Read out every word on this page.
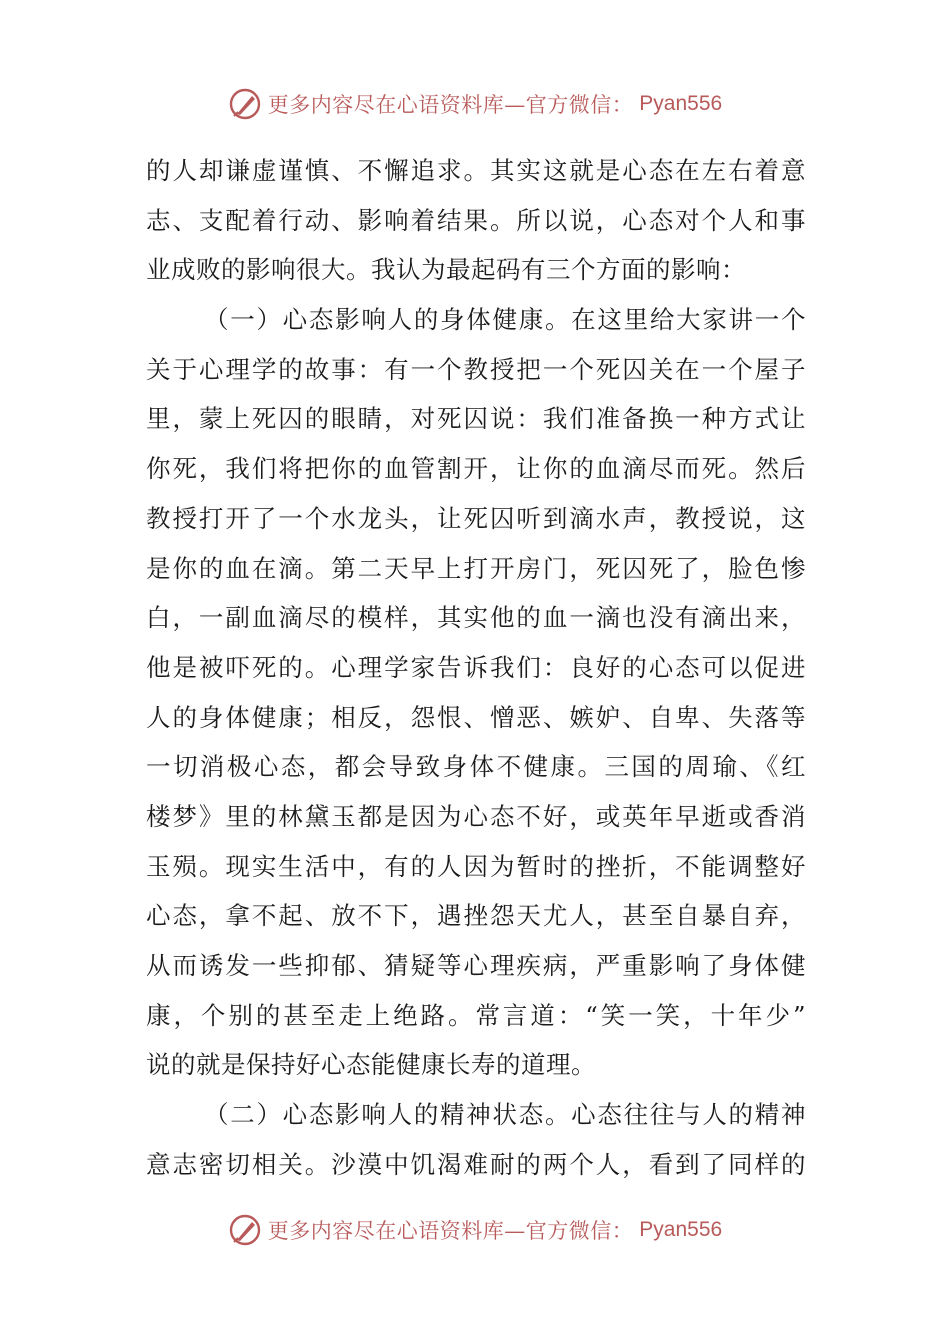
更多内容尽在心语资料库—官方微信： Pyan556
的人却谦虚谨慎、不懈追求。其实这就是心态在左右着意
志、支配着行动、影响着结果。所以说，心态对个人和事
业成败的影响很大。我认为最起码有三个方面的影响：
（一）心态影响人的身体健康。在这里给大家讲一个
关于心理学的故事：有一个教授把一个死囚关在一个屋子
里，蒙上死囚的眼睛，对死囚说：我们准备换一种方式让
你死，我们将把你的血管割开，让你的血滴尽而死。然后
教授打开了一个水龙头，让死囚听到滴水声，教授说，这
是你的血在滴。第二天早上打开房门，死囚死了，脸色惨
白，一副血滴尽的模样，其实他的血一滴也没有滴出来，
他是被吓死的。心理学家告诉我们：良好的心态可以促进
人的身体健康；相反，怨恨、憎恶、嫉妒、自卑、失落等
一切消极心态，都会导致身体不健康。三国的周瑜、《红
楼梦》里的林黛玉都是因为心态不好，或英年早逝或香消
玉殒。现实生活中，有的人因为暂时的挫折，不能调整好
心态，拿不起、放不下，遇挫怨天尤人，甚至自暴自弃，
从而诱发一些抑郁、猜疑等心理疾病，严重影响了身体健
康，个别的甚至走上绝路。常言道：“笑一笑，十年少”
说的就是保持好心态能健康长寿的道理。
（二）心态影响人的精神状态。心态往往与人的精神
意志密切相关。沙漠中饥渴难耐的两个人，看到了同样的
更多内容尽在心语资料库—官方微信： Pyan556
